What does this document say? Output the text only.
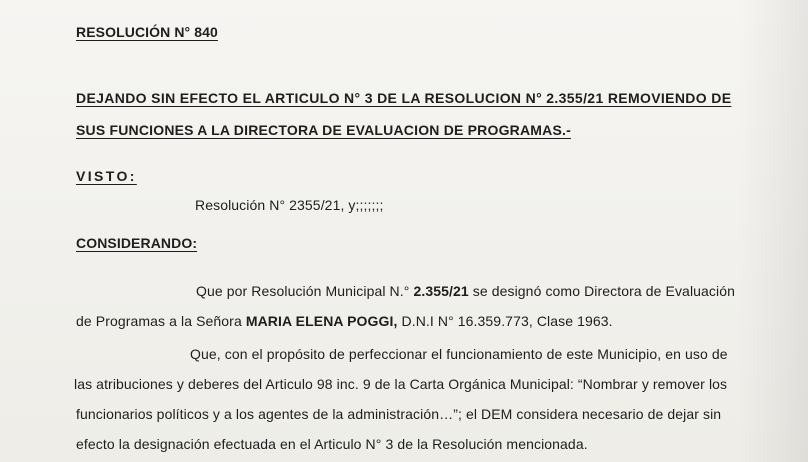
RESOLUCIÓN N° 840
DEJANDO SIN EFECTO EL ARTICULO N° 3 DE LA RESOLUCION N° 2.355/21 REMOVIENDO DE
SUS FUNCIONES A LA DIRECTORA DE EVALUACION DE PROGRAMAS.-
VISTO:
Resolución N° 2355/21, y;;;;;;;
CONSIDERANDO:
Que por Resolución Municipal N.° 2.355/21 se designó como Directora de Evaluación
de Programas a la Señora MARIA ELENA POGGI, D.N.I N° 16.359.773, Clase 1963.
Que, con el propósito de perfeccionar el funcionamiento de este Municipio, en uso de
las atribuciones y deberes del Articulo 98 inc. 9 de la Carta Orgánica Municipal: “Nombrar y remover los
funcionarios políticos y a los agentes de la administración…”; el DEM considera necesario de dejar sin
efecto la designación efectuada en el Articulo N° 3 de la Resolución mencionada.
